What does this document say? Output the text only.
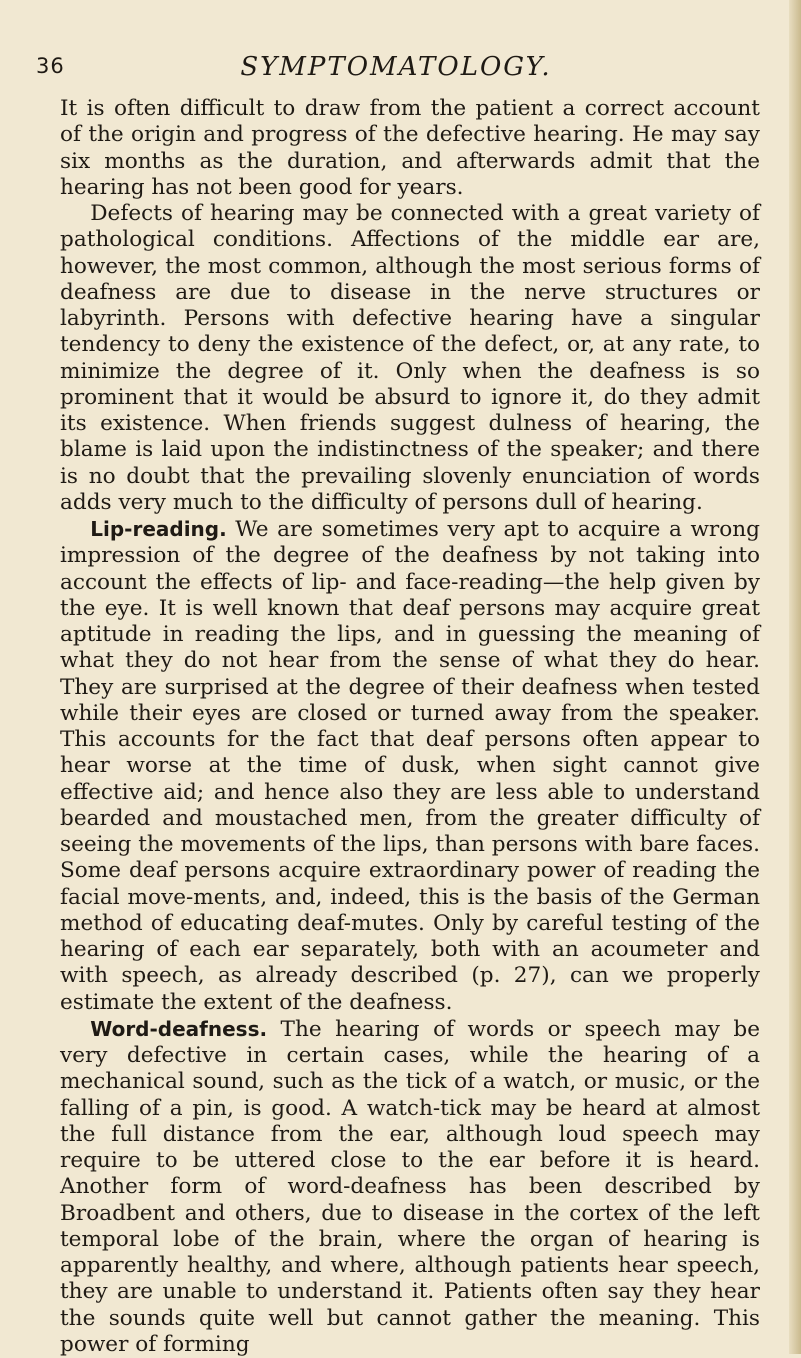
36	SYMPTOMATOLOGY.

It is often difficult to draw from the patient a correct account of the origin and progress of the defective hearing. He may say six months as the duration, and afterwards admit that the hearing has not been good for years.

Defects of hearing may be connected with a great variety of pathological conditions. Affections of the middle ear are, however, the most common, although the most serious forms of deafness are due to disease in the nerve structures or labyrinth. Persons with defective hearing have a singular tendency to deny the existence of the defect, or, at any rate, to minimize the degree of it. Only when the deafness is so prominent that it would be absurd to ignore it, do they admit its existence. When friends suggest dulness of hearing, the blame is laid upon the indistinctness of the speaker; and there is no doubt that the prevailing slovenly enunciation of words adds very much to the difficulty of persons dull of hearing.

Lip-reading. We are sometimes very apt to acquire a wrong impression of the degree of the deafness by not taking into account the effects of lip- and face-reading—the help given by the eye. It is well known that deaf persons may acquire great aptitude in reading the lips, and in guessing the meaning of what they do not hear from the sense of what they do hear. They are surprised at the degree of their deafness when tested while their eyes are closed or turned away from the speaker. This accounts for the fact that deaf persons often appear to hear worse at the time of dusk, when sight cannot give effective aid; and hence also they are less able to understand bearded and moustached men, from the greater difficulty of seeing the movements of the lips, than persons with bare faces. Some deaf persons acquire extraordinary power of reading the facial move-ments, and, indeed, this is the basis of the German method of educating deaf-mutes. Only by careful testing of the hearing of each ear separately, both with an acoumeter and with speech, as already described (p. 27), can we properly estimate the extent of the deafness.

Word-deafness. The hearing of words or speech may be very defective in certain cases, while the hearing of a mechanical sound, such as the tick of a watch, or music, or the falling of a pin, is good. A watch-tick may be heard at almost the full distance from the ear, although loud speech may require to be uttered close to the ear before it is heard. Another form of word-deafness has been described by Broadbent and others, due to disease in the cortex of the left temporal lobe of the brain, where the organ of hearing is apparently healthy, and where, although patients hear speech, they are unable to understand it. Patients often say they hear the sounds quite well but cannot gather the meaning. This power of forming
